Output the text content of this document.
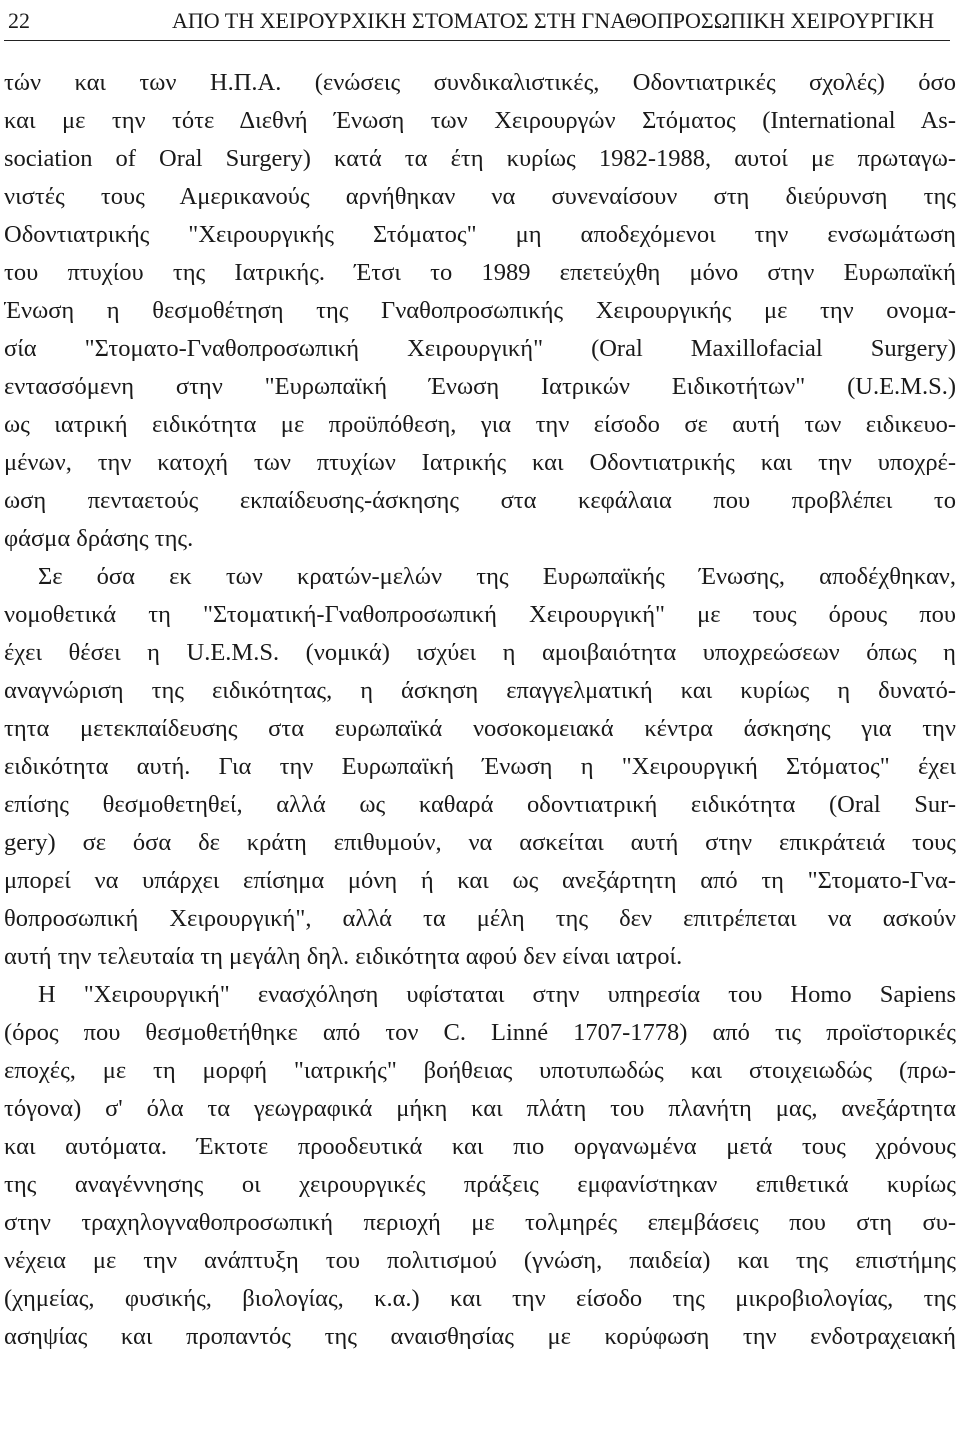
22	ΑΠΟ ΤΗ ΧΕΙΡΟΥΡΧΙΚΗ ΣΤΟΜΑΤΟΣ ΣΤΗ ΓΝΑΘΟΠΡΟΣΩΠΙΚΗ ΧΕΙΡΟΥΡΓΙΚΗ
τών και των Η.Π.Α. (ενώσεις συνδικαλιστικές, Οδοντιατρικές σχολές) όσο
και με την τότε Διεθνή Ένωση των Χειρουργών Στόματος (International As-
sociation of Oral Surgery) κατά τα έτη κυρίως 1982-1988, αυτοί με πρωταγω-
νιστές τους Αμερικανούς αρνήθηκαν να συνεναίσουν στη διεύρυνση της
Οδοντιατρικής "Χειρουργικής Στόματος" μη αποδεχόμενοι την ενσωμάτωση
του πτυχίου της Ιατρικής. Έτσι το 1989 επετεύχθη μόνο στην Ευρωπαϊκή
Ένωση η θεσμοθέτηση της Γναθοπροσωπικής Χειρουργικής με την ονομα-
σία "Στοματο-Γναθοπροσωπική Χειρουργική" (Oral Maxillofacial Surgery)
εντασσόμενη στην "Ευρωπαϊκή Ένωση Ιατρικών Ειδικοτήτων" (U.E.M.S.)
ως ιατρική ειδικότητα με προϋπόθεση, για την είσοδο σε αυτή των ειδικευο-
μένων, την κατοχή των πτυχίων Ιατρικής και Οδοντιατρικής και την υποχρέ-
ωση πενταετούς εκπαίδευσης-άσκησης στα κεφάλαια που προβλέπει το
φάσμα δράσης της.
Σε όσα εκ των κρατών-μελών της Ευρωπαϊκής Ένωσης, αποδέχθηκαν,
νομοθετικά τη "Στοματική-Γναθοπροσωπική Χειρουργική" με τους όρους που
έχει θέσει η U.E.M.S. (νομικά) ισχύει η αμοιβαιότητα υποχρεώσεων όπως η
αναγνώριση της ειδικότητας, η άσκηση επαγγελματική και κυρίως η δυνατό-
τητα μετεκπαίδευσης στα ευρωπαϊκά νοσοκομειακά κέντρα άσκησης για την
ειδικότητα αυτή. Για την Ευρωπαϊκή Ένωση η "Χειρουργική Στόματος" έχει
επίσης θεσμοθετηθεί, αλλά ως καθαρά οδοντιατρική ειδικότητα (Oral Sur-
gery) σε όσα δε κράτη επιθυμούν, να ασκείται αυτή στην επικράτειά τους
μπορεί να υπάρχει επίσημα μόνη ή και ως ανεξάρτητη από τη "Στοματο-Γνα-
θοπροσωπική Χειρουργική", αλλά τα μέλη της δεν επιτρέπεται να ασκούν
αυτή την τελευταία τη μεγάλη δηλ. ειδικότητα αφού δεν είναι ιατροί.
Η "Χειρουργική" ενασχόληση υφίσταται στην υπηρεσία του Homo Sapiens
(όρος που θεσμοθετήθηκε από τον C. Linné 1707-1778) από τις προϊστορικές
εποχές, με τη μορφή "ιατρικής" βοήθειας υποτυπωδώς και στοιχειωδώς (πρω-
τόγονα) σ' όλα τα γεωγραφικά μήκη και πλάτη του πλανήτη μας, ανεξάρτητα
και αυτόματα. Έκτοτε προοδευτικά και πιο οργανωμένα μετά τους χρόνους
της αναγέννησης οι χειρουργικές πράξεις εμφανίστηκαν επιθετικά κυρίως
στην τραχηλογναθοπροσωπική περιοχή με τολμηρές επεμβάσεις που στη συ-
νέχεια με την ανάπτυξη του πολιτισμού (γνώση, παιδεία) και της επιστήμης
(χημείας, φυσικής, βιολογίας, κ.α.) και την είσοδο της μικροβιολογίας, της
ασηψίας και προπαντός της αναισθησίας με κορύφωση την ενδοτραχειακή
